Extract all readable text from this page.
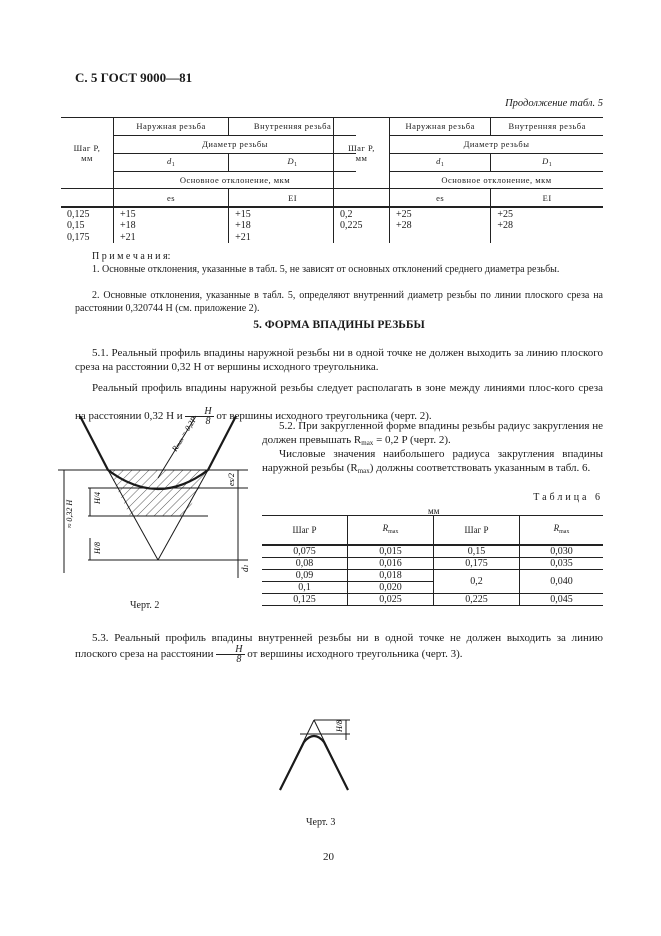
С. 5 ГОСТ 9000—81
Продолжение табл. 5
Шаг P,
мм	Наружная резьба	Внутренняя резьба
	Диаметр резьбы	
	$d_1$	$D_1$
	Основное отклонение, мкм	
	es	EI
0,125	+15	+15
0,15	+18	+18
0,175	+21	+21
Шаг P,
мм	Наружная резьба	Внутренняя резьба
	Диаметр резьбы	
	$d_1$	$D_1$
	Основное отклонение, мкм	
	es	EI
0,2	+25	+25
0,225	+28	+28

П р и м е ч а н и я:
1. Основные отклонения, указанные в табл. 5, не зависят от основных отклонений среднего диаметра резьбы.
2. Основные отклонения, указанные в табл. 5, определяют внутренний диаметр резьбы по линии плоского среза на расстоянии 0,320744 H (см. приложение 2).
5. ФОРМА ВПАДИНЫ РЕЗЬБЫ
5.1. Реальный профиль впадины наружной резьбы ни в одной точке не должен выходить за линию плоского среза на расстоянии 0,32 H от вершины исходного треугольника.
Реальный профиль впадины наружной резьбы следует располагать в зоне между линиями плос-кого среза на расстоянии 0,32 H и $\frac{H}{8}$ от вершины исходного треугольника (черт. 2).
5.2. При закругленной форме впадины резьбы радиус закругления не должен превышать $R_{max} = 0,2$ P (черт. 2).
Числовые значения наибольшего радиуса закругления впадины наружной резьбы $(R_{max})$ должны соответствовать указанным в табл. 6.
Таблица 6
мм
Шаг P	$R_{max}$	Шаг P	$R_{max}$
0,075	0,015	0,15	0,030
0,08	0,016	0,175	0,035
0,09	0,018	0,2	0,040
0,1	0,020		
0,125	0,025	0,225	0,045
≈ 0,32 H H/4
H/8
es/2
d1
Rmax = 0,2P
Черт. 2
5.3. Реальный профиль впадины внутренней резьбы ни в одной точке не должен выходить за линию плоского среза на расстоянии $\frac{H}{8}$ от вершины исходного треугольника (черт. 3).
H/8
Черт. 3
20
